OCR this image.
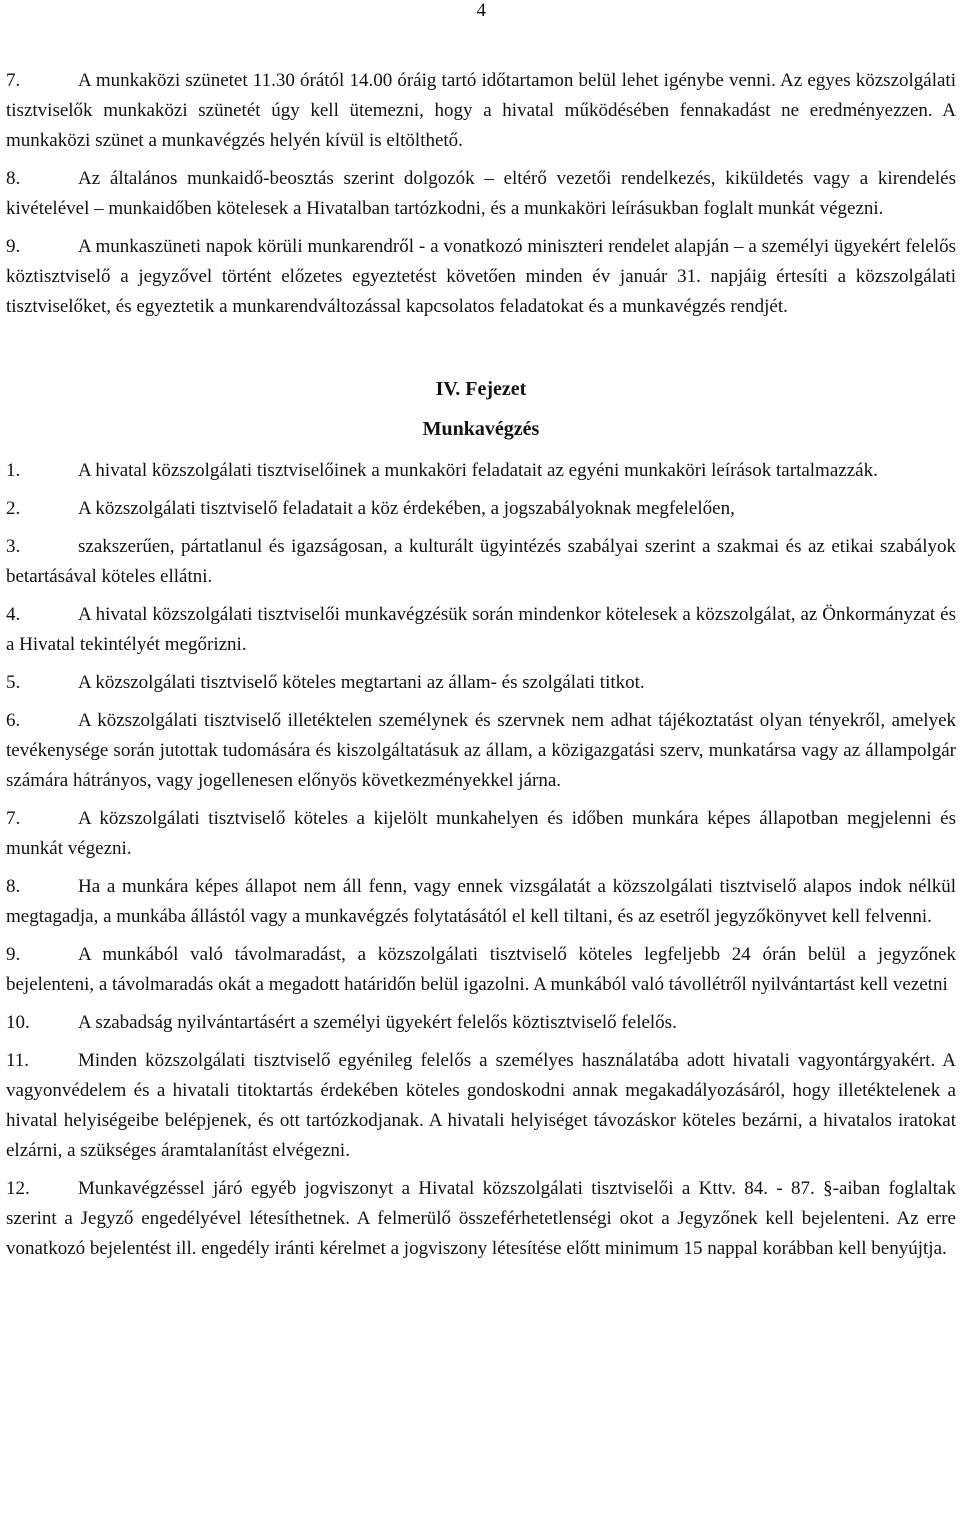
4

7.	A munkaközi szünetet 11.30 órától 14.00 óráig tartó időtartamon belül lehet igénybe venni. Az egyes közszolgálati tisztviselők munkaközi szünetét úgy kell ütemezni, hogy a hivatal működésében fennakadást ne eredményezzen. A munkaközi szünet a munkavégzés helyén kívül is eltölthető.

8.	Az általános munkaidő-beosztás szerint dolgozók – eltérő vezetői rendelkezés, kiküldetés vagy a kirendelés kivételével – munkaidőben kötelesek a Hivatalban tartózkodni, és a munkaköri leírásukban foglalt munkát végezni.

9.	A munkaszüneti napok körüli munkarendről - a vonatkozó miniszteri rendelet alapján – a személyi ügyekért felelős köztisztviselő a jegyzővel történt előzetes egyeztetést követően minden év január 31. napjáig értesíti a közszolgálati tisztviselőket, és egyeztetik a munkarendváltozással kapcsolatos feladatokat és a munkavégzés rendjét.

IV. Fejezet
Munkavégzés

1.	A hivatal közszolgálati tisztviselőinek a munkaköri feladatait az egyéni munkaköri leírások tartalmazzák.

2.	A közszolgálati tisztviselő feladatait a köz érdekében, a jogszabályoknak megfelelően,

3.	szakszerűen, pártatlanul és igazságosan, a kulturált ügyintézés szabályai szerint a szakmai és az etikai szabályok betartásával köteles ellátni.

4.	A hivatal közszolgálati tisztviselői munkavégzésük során mindenkor kötelesek a közszolgálat, az Önkormányzat és a Hivatal tekintélyét megőrizni.

5.	A közszolgálati tisztviselő köteles megtartani az állam- és szolgálati titkot.

6.	A közszolgálati tisztviselő illetéktelen személynek és szervnek nem adhat tájékoztatást olyan tényekről, amelyek tevékenysége során jutottak tudomására és kiszolgáltatásuk az állam, a közigazgatási szerv, munkatársa vagy az állampolgár számára hátrányos, vagy jogellenesen előnyös következményekkel járna.

7.	A közszolgálati tisztviselő köteles a kijelölt munkahelyen és időben munkára képes állapotban megjelenni és munkát végezni.

8.	Ha a munkára képes állapot nem áll fenn, vagy ennek vizsgálatát a közszolgálati tisztviselő alapos indok nélkül megtagadja, a munkába állástól vagy a munkavégzés folytatásától el kell tiltani, és az esetről jegyzőkönyvet kell felvenni.

9.	A munkából való távolmaradást, a közszolgálati tisztviselő köteles legfeljebb 24 órán belül a jegyzőnek bejelenteni, a távolmaradás okát a megadott határidőn belül igazolni. A munkából való távollétről nyilvántartást kell vezetni

10.	A szabadság nyilvántartásért a személyi ügyekért felelős köztisztviselő felelős.

11.	Minden közszolgálati tisztviselő egyénileg felelős a személyes használatába adott hivatali vagyontárgyakért. A vagyonvédelem és a hivatali titoktartás érdekében köteles gondoskodni annak megakadályozásáról, hogy illetéktelenek a hivatal helyiségeibe belépjenek, és ott tartózkodjanak. A hivatali helyiséget távozáskor köteles bezárni, a hivatalos iratokat elzárni, a szükséges áramtalanítást elvégezni.

12.	Munkavégzéssel járó egyéb jogviszonyt a Hivatal közszolgálati tisztviselői a Kttv. 84. - 87. §-aiban foglaltak szerint a Jegyző engedélyével létesíthetnek. A felmerülő összeférhetetlenségi okot a Jegyzőnek kell bejelenteni. Az erre vonatkozó bejelentést ill. engedély iránti kérelmet a jogviszony létesítése előtt minimum 15 nappal korábban kell benyújtja.
